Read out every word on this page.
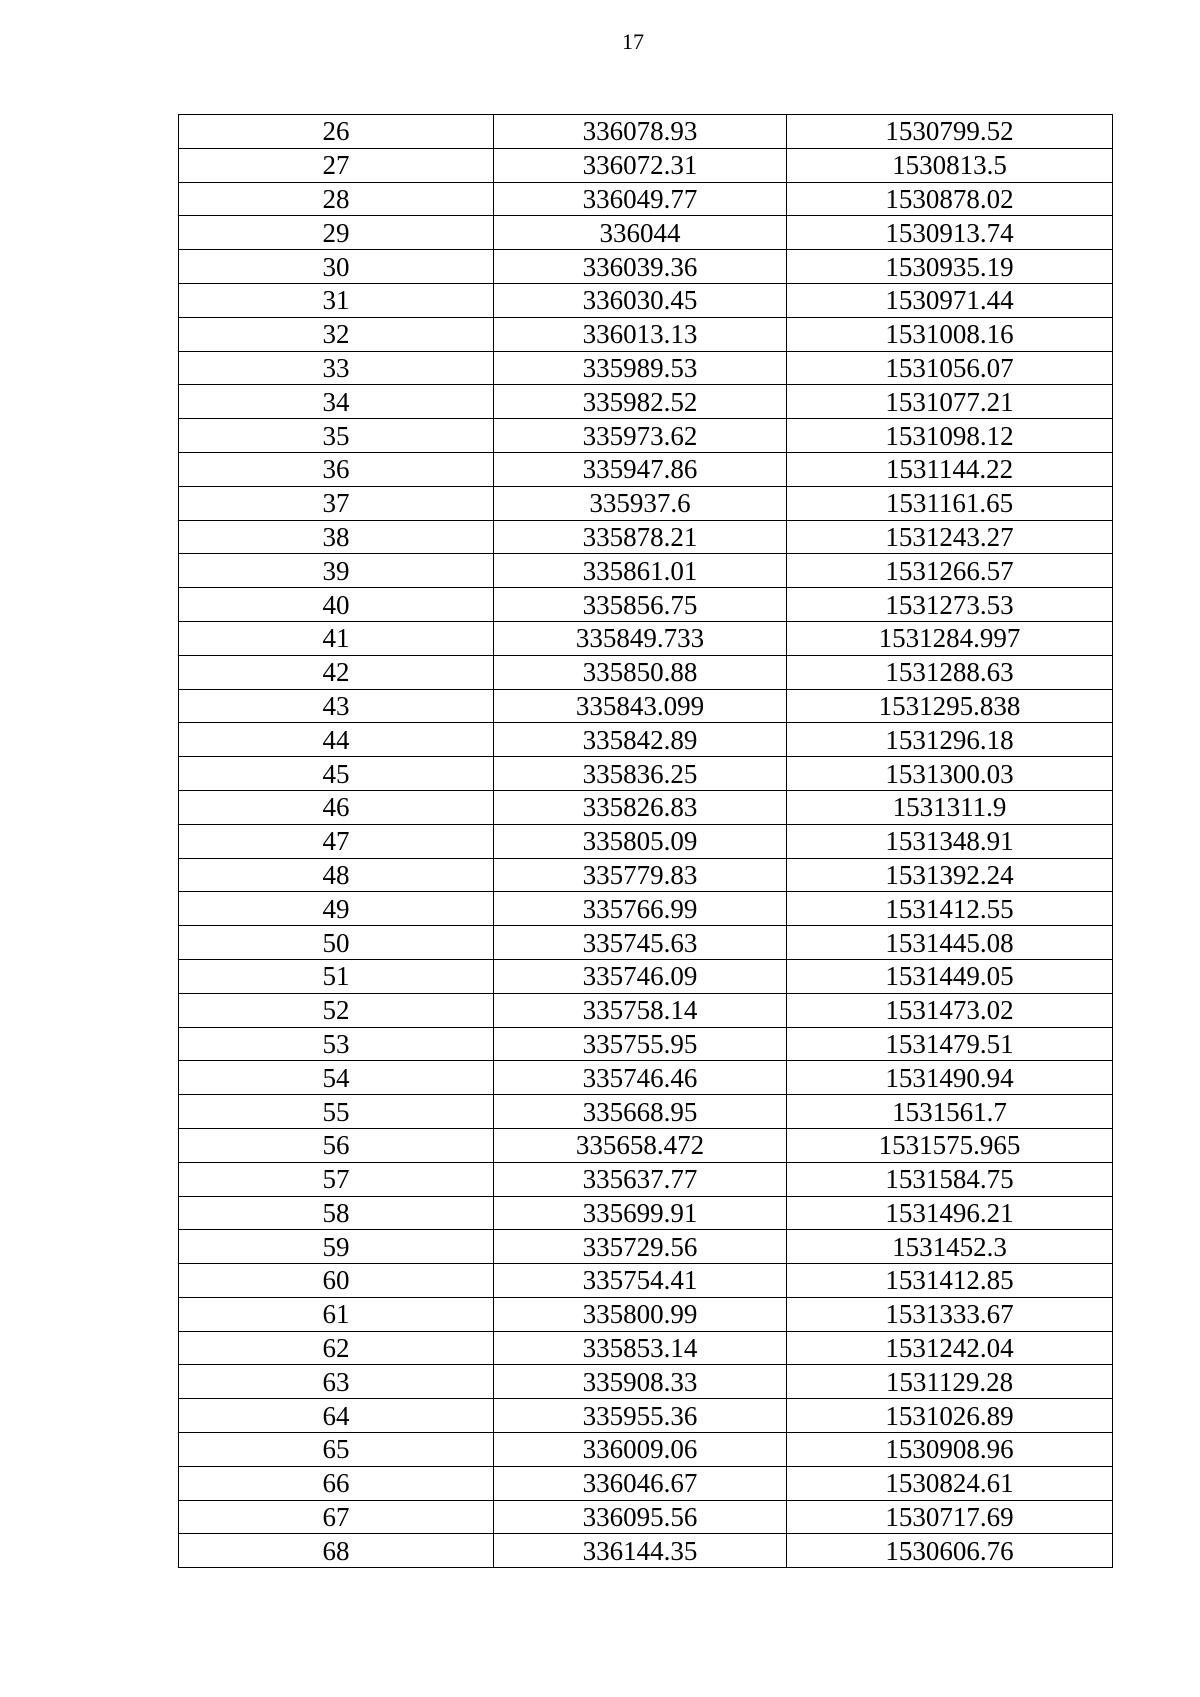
17
26	336078.93	1530799.52
27	336072.31	1530813.5
28	336049.77	1530878.02
29	336044	1530913.74
30	336039.36	1530935.19
31	336030.45	1530971.44
32	336013.13	1531008.16
33	335989.53	1531056.07
34	335982.52	1531077.21
35	335973.62	1531098.12
36	335947.86	1531144.22
37	335937.6	1531161.65
38	335878.21	1531243.27
39	335861.01	1531266.57
40	335856.75	1531273.53
41	335849.733	1531284.997
42	335850.88	1531288.63
43	335843.099	1531295.838
44	335842.89	1531296.18
45	335836.25	1531300.03
46	335826.83	1531311.9
47	335805.09	1531348.91
48	335779.83	1531392.24
49	335766.99	1531412.55
50	335745.63	1531445.08
51	335746.09	1531449.05
52	335758.14	1531473.02
53	335755.95	1531479.51
54	335746.46	1531490.94
55	335668.95	1531561.7
56	335658.472	1531575.965
57	335637.77	1531584.75
58	335699.91	1531496.21
59	335729.56	1531452.3
60	335754.41	1531412.85
61	335800.99	1531333.67
62	335853.14	1531242.04
63	335908.33	1531129.28
64	335955.36	1531026.89
65	336009.06	1530908.96
66	336046.67	1530824.61
67	336095.56	1530717.69
68	336144.35	1530606.76
